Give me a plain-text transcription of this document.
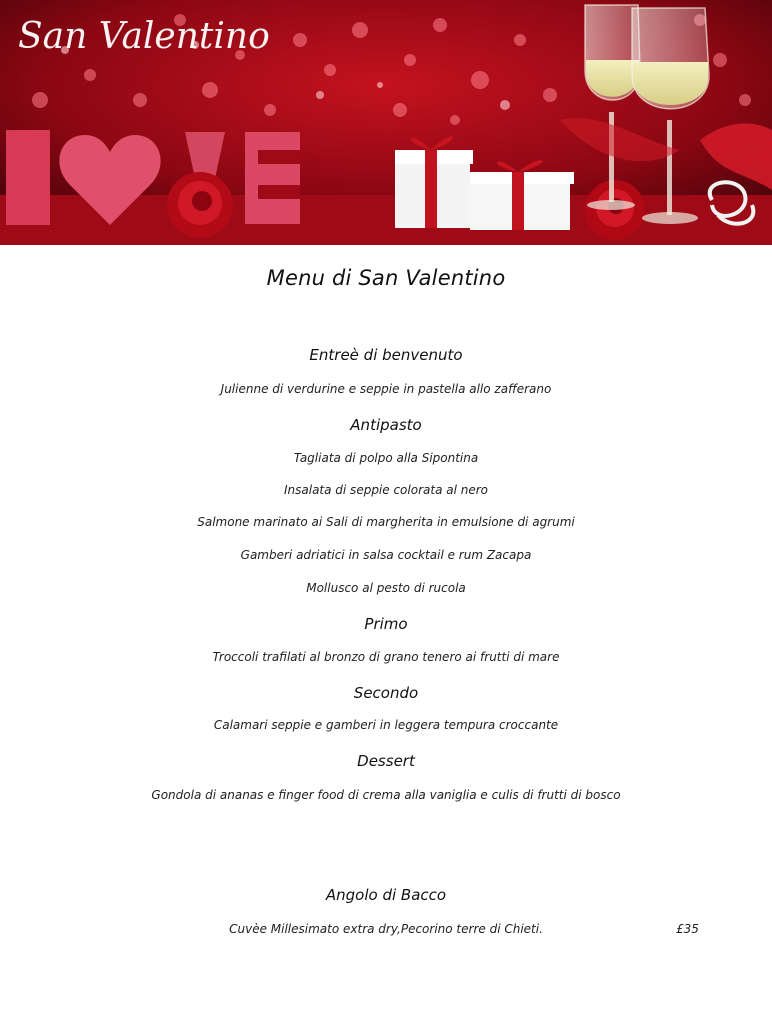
San Valentino
Menu di San Valentino
Entreè di benvenuto
Julienne di verdurine e seppie in pastella allo zafferano
Antipasto
Tagliata di polpo alla Sipontina
Insalata di seppie colorata al nero
Salmone marinato ai Sali di margherita in emulsione di agrumi
Gamberi adriatici in salsa cocktail e rum Zacapa
Mollusco al pesto di rucola
Primo
Troccoli trafilati al bronzo di grano tenero ai frutti di mare
Secondo
Calamari seppie e gamberi in leggera tempura croccante
Dessert
Gondola di ananas e finger food di crema alla vaniglia e culis di frutti di bosco
Angolo di Bacco
Cuvèe Millesimato extra dry,Pecorino terre di Chieti.	£35
